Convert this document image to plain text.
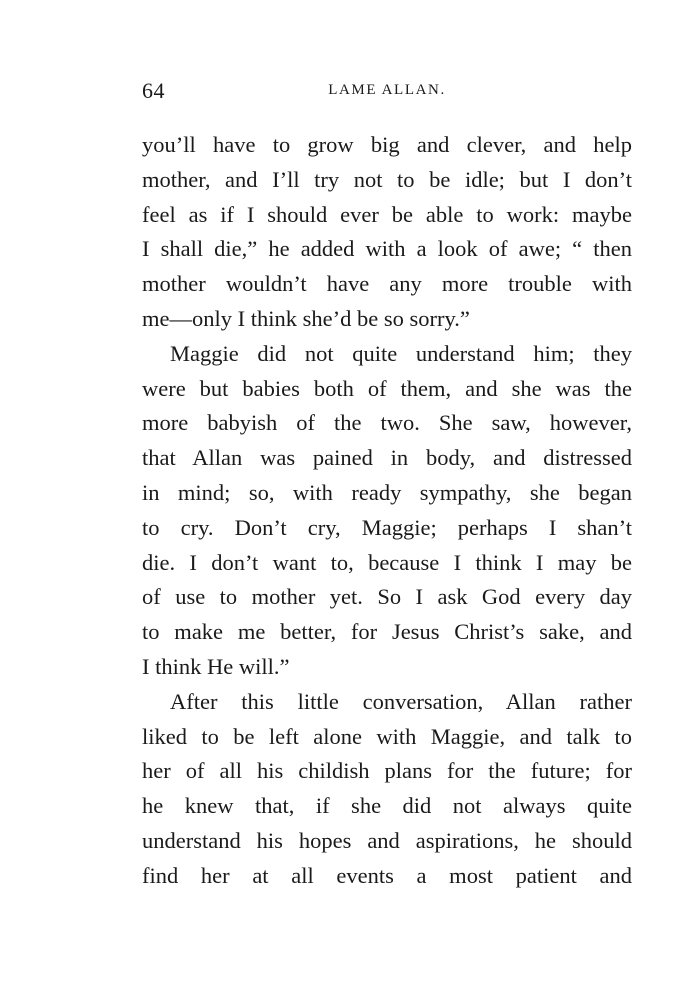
64	LAME ALLAN.
you’ll have to grow big and clever, and help
mother, and I’ll try not to be idle; but I don’t
feel as if I should ever be able to work: maybe
I shall die,” he added with a look of awe; “ then
mother wouldn’t have any more trouble with
me—only I think she’d be so sorry.”
Maggie did not quite understand him; they
were but babies both of them, and she was the
more babyish of the two. She saw, however,
that Allan was pained in body, and distressed
in mind; so, with ready sympathy, she began
to cry. Don’t cry, Maggie; perhaps I shan’t
die. I don’t want to, because I think I may be
of use to mother yet. So I ask God every day
to make me better, for Jesus Christ’s sake, and
I think He will.”
After this little conversation, Allan rather
liked to be left alone with Maggie, and talk to
her of all his childish plans for the future; for
he knew that, if she did not always quite
understand his hopes and aspirations, he should
find her at all events a most patient and
